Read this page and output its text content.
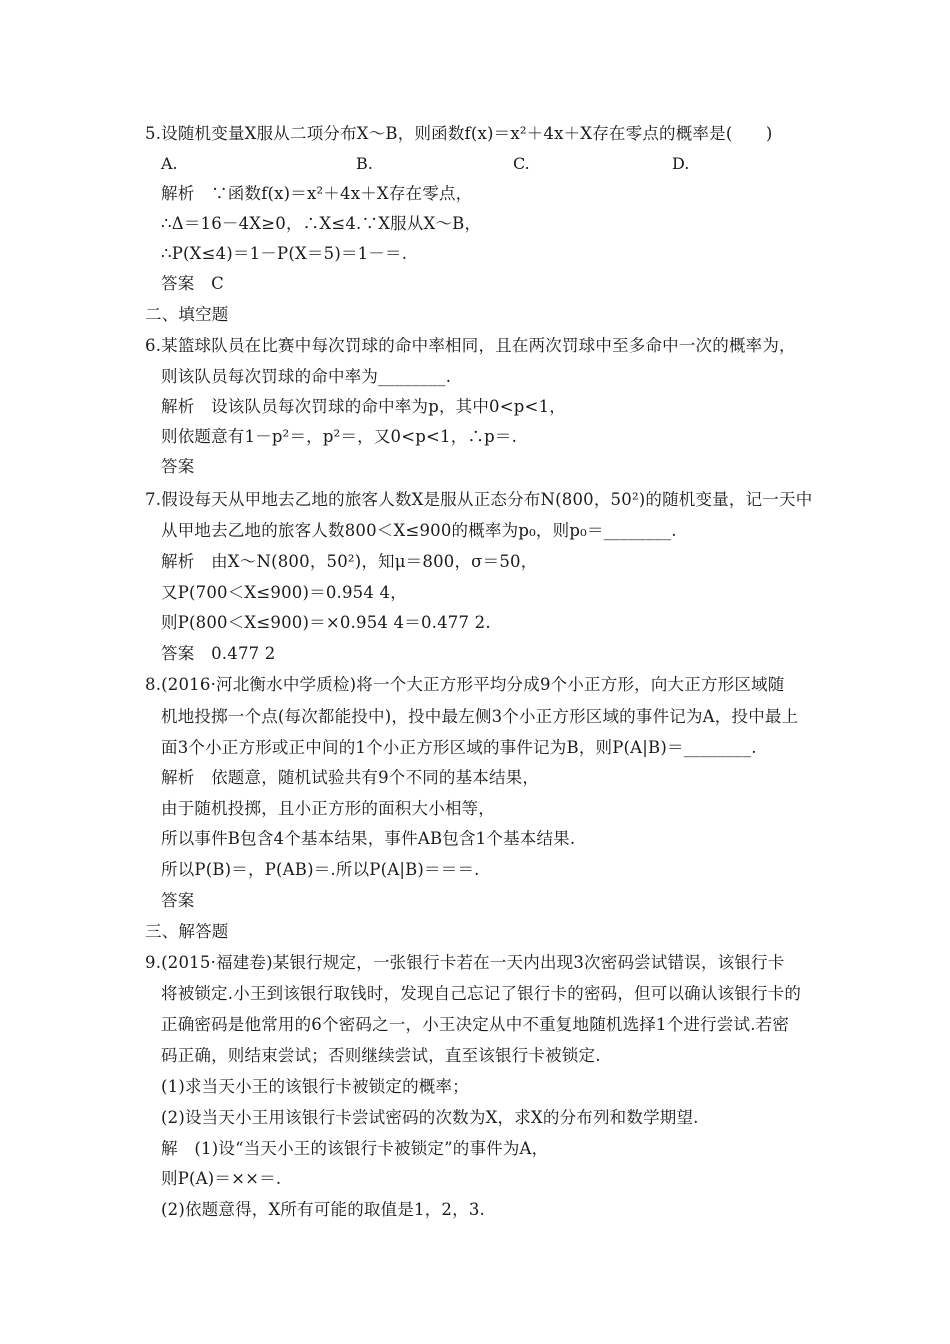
5.设随机变量X服从二项分布X～B，则函数f(x)＝x²＋4x＋X存在零点的概率是(　　)
A.	B.	C.	D.
解析　∵函数f(x)＝x²＋4x＋X存在零点，
∴Δ＝16－4X≥0，∴X≤4.∵X服从X～B，
∴P(X≤4)＝1－P(X＝5)＝1－＝.
答案　C
二、填空题
6.某篮球队员在比赛中每次罚球的命中率相同，且在两次罚球中至多命中一次的概率为，
则该队员每次罚球的命中率为________.
解析　设该队员每次罚球的命中率为p，其中0<p<1，
则依题意有1－p²＝，p²＝，又0<p<1，∴p＝.
答案
7.假设每天从甲地去乙地的旅客人数X是服从正态分布N(800，50²)的随机变量，记一天中
从甲地去乙地的旅客人数800＜X≤900的概率为p₀，则p₀＝________.
解析　由X～N(800，50²)，知μ＝800，σ＝50，
又P(700＜X≤900)＝0.954 4，
则P(800＜X≤900)＝×0.954 4＝0.477 2.
答案　0.477 2
8.(2016·河北衡水中学质检)将一个大正方形平均分成9个小正方形，向大正方形区域随
机地投掷一个点(每次都能投中)，投中最左侧3个小正方形区域的事件记为A，投中最上
面3个小正方形或正中间的1个小正方形区域的事件记为B，则P(A|B)＝________.
解析　依题意，随机试验共有9个不同的基本结果，
由于随机投掷，且小正方形的面积大小相等，
所以事件B包含4个基本结果，事件AB包含1个基本结果.
所以P(B)＝，P(AB)＝.所以P(A|B)＝＝＝.
答案
三、解答题
9.(2015·福建卷)某银行规定，一张银行卡若在一天内出现3次密码尝试错误，该银行卡
将被锁定.小王到该银行取钱时，发现自己忘记了银行卡的密码，但可以确认该银行卡的
正确密码是他常用的6个密码之一，小王决定从中不重复地随机选择1个进行尝试.若密
码正确，则结束尝试；否则继续尝试，直至该银行卡被锁定.
(1)求当天小王的该银行卡被锁定的概率；
(2)设当天小王用该银行卡尝试密码的次数为X，求X的分布列和数学期望.
解　(1)设“当天小王的该银行卡被锁定”的事件为A，
则P(A)＝××＝.
(2)依题意得，X所有可能的取值是1，2，3.
